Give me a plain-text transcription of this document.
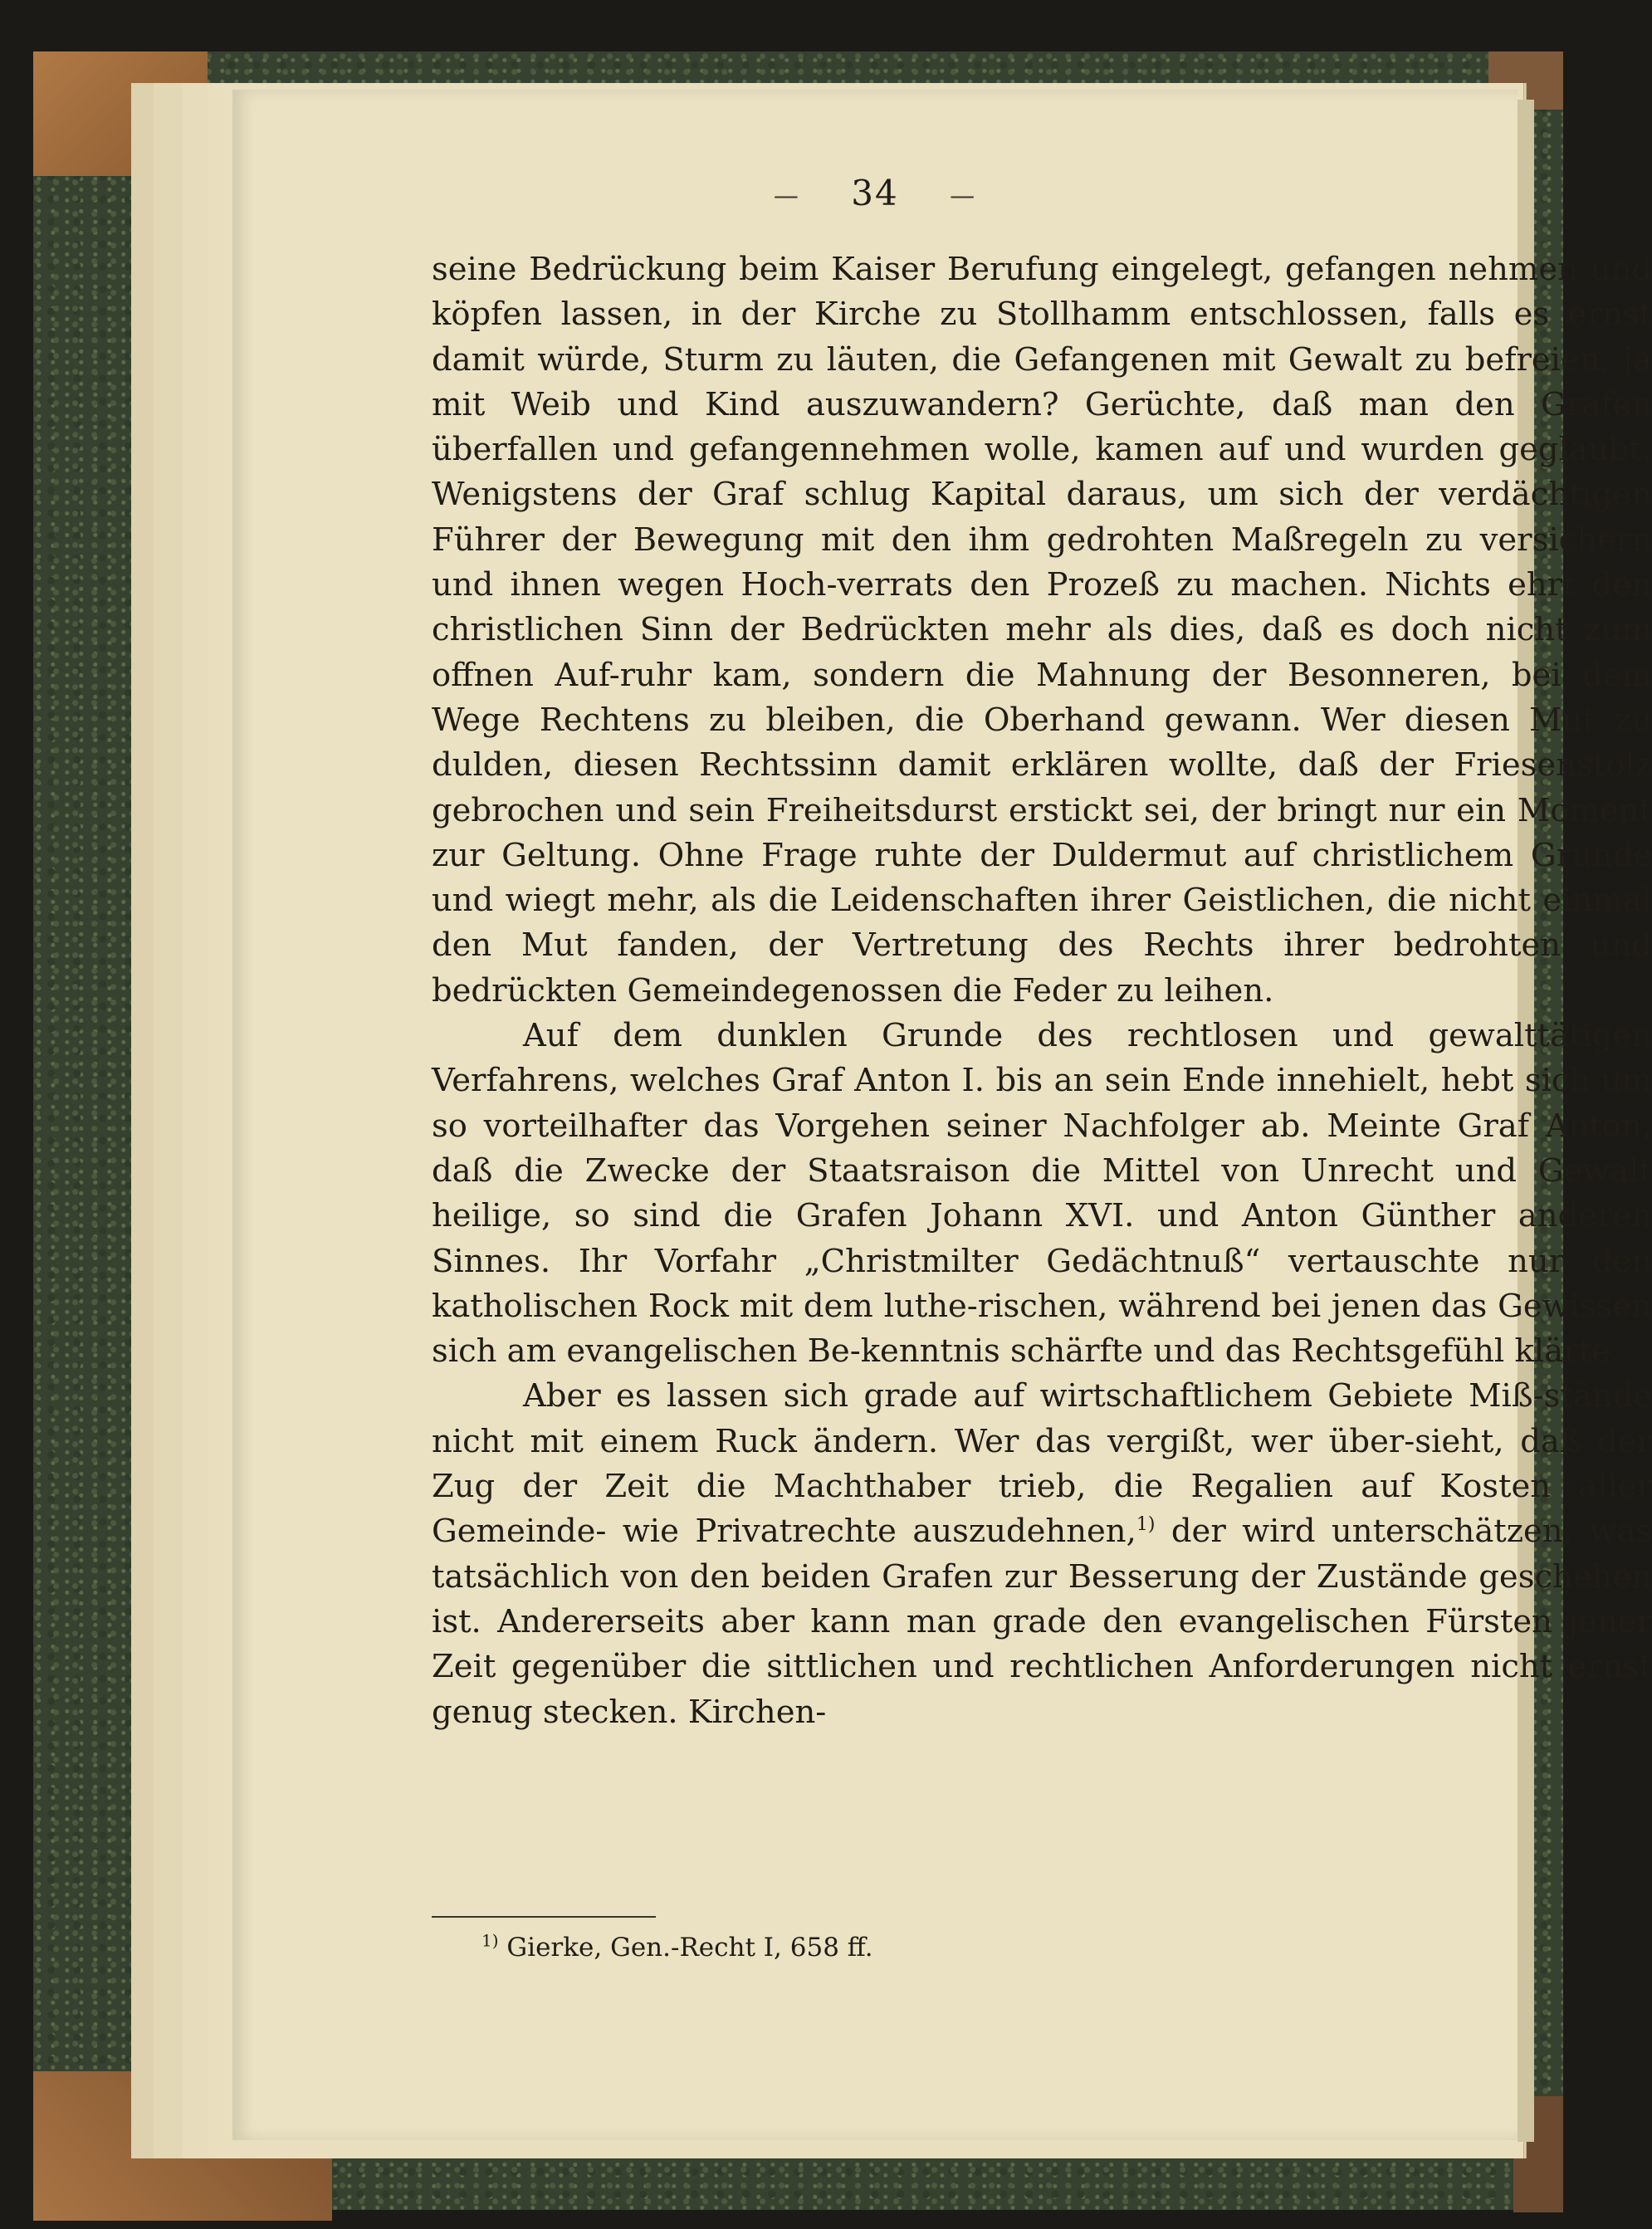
— 34 —

seine Bedrückung beim Kaiser Berufung eingelegt, gefangen nehmen und köpfen lassen, in der Kirche zu Stollhamm entschlossen, falls es ernst damit würde, Sturm zu läuten, die Gefangenen mit Gewalt zu befreien, ja mit Weib und Kind auszuwandern? Gerüchte, daß man den Grafen überfallen und gefangennehmen wolle, kamen auf und wurden geglaubt. Wenigstens der Graf schlug Kapital daraus, um sich der verdächtigen Führer der Bewegung mit den ihm gedrohten Maßregeln zu versichern und ihnen wegen Hoch-verrats den Prozeß zu machen. Nichts ehrt den christlichen Sinn der Bedrückten mehr als dies, daß es doch nicht zum offnen Auf-ruhr kam, sondern die Mahnung der Besonneren, bei dem Wege Rechtens zu bleiben, die Oberhand gewann. Wer diesen Mut zu dulden, diesen Rechtssinn damit erklären wollte, daß der Friesenstolz gebrochen und sein Freiheitsdurst erstickt sei, der bringt nur ein Moment zur Geltung. Ohne Frage ruhte der Duldermut auf christlichem Grunde und wiegt mehr, als die Leidenschaften ihrer Geistlichen, die nicht einmal den Mut fanden, der Vertretung des Rechts ihrer bedrohten und bedrückten Gemeindegenossen die Feder zu leihen.

Auf dem dunklen Grunde des rechtlosen und gewalttätigen Verfahrens, welches Graf Anton I. bis an sein Ende innehielt, hebt sich um so vorteilhafter das Vorgehen seiner Nachfolger ab. Meinte Graf Anton, daß die Zwecke der Staatsraison die Mittel von Unrecht und Gewalt heilige, so sind die Grafen Johann XVI. und Anton Günther anderen Sinnes. Ihr Vorfahr „Christmilter Gedächtnuß“ vertauschte nur den katholischen Rock mit dem luthe-rischen, während bei jenen das Gewissen sich am evangelischen Be-kenntnis schärfte und das Rechtsgefühl klärte.

Aber es lassen sich grade auf wirtschaftlichem Gebiete Miß-stände nicht mit einem Ruck ändern. Wer das vergißt, wer über-sieht, daß der Zug der Zeit die Machthaber trieb, die Regalien auf Kosten aller Gemeinde- wie Privatrechte auszudehnen,$^{1)}$ der wird unterschätzen, was tatsächlich von den beiden Grafen zur Besserung der Zustände geschehen ist. Andererseits aber kann man grade den evangelischen Fürsten jener Zeit gegenüber die sittlichen und rechtlichen Anforderungen nicht ernst genug stecken. Kirchen-

$^{1)}$ Gierke, Gen.-Recht I, 658 ff.
